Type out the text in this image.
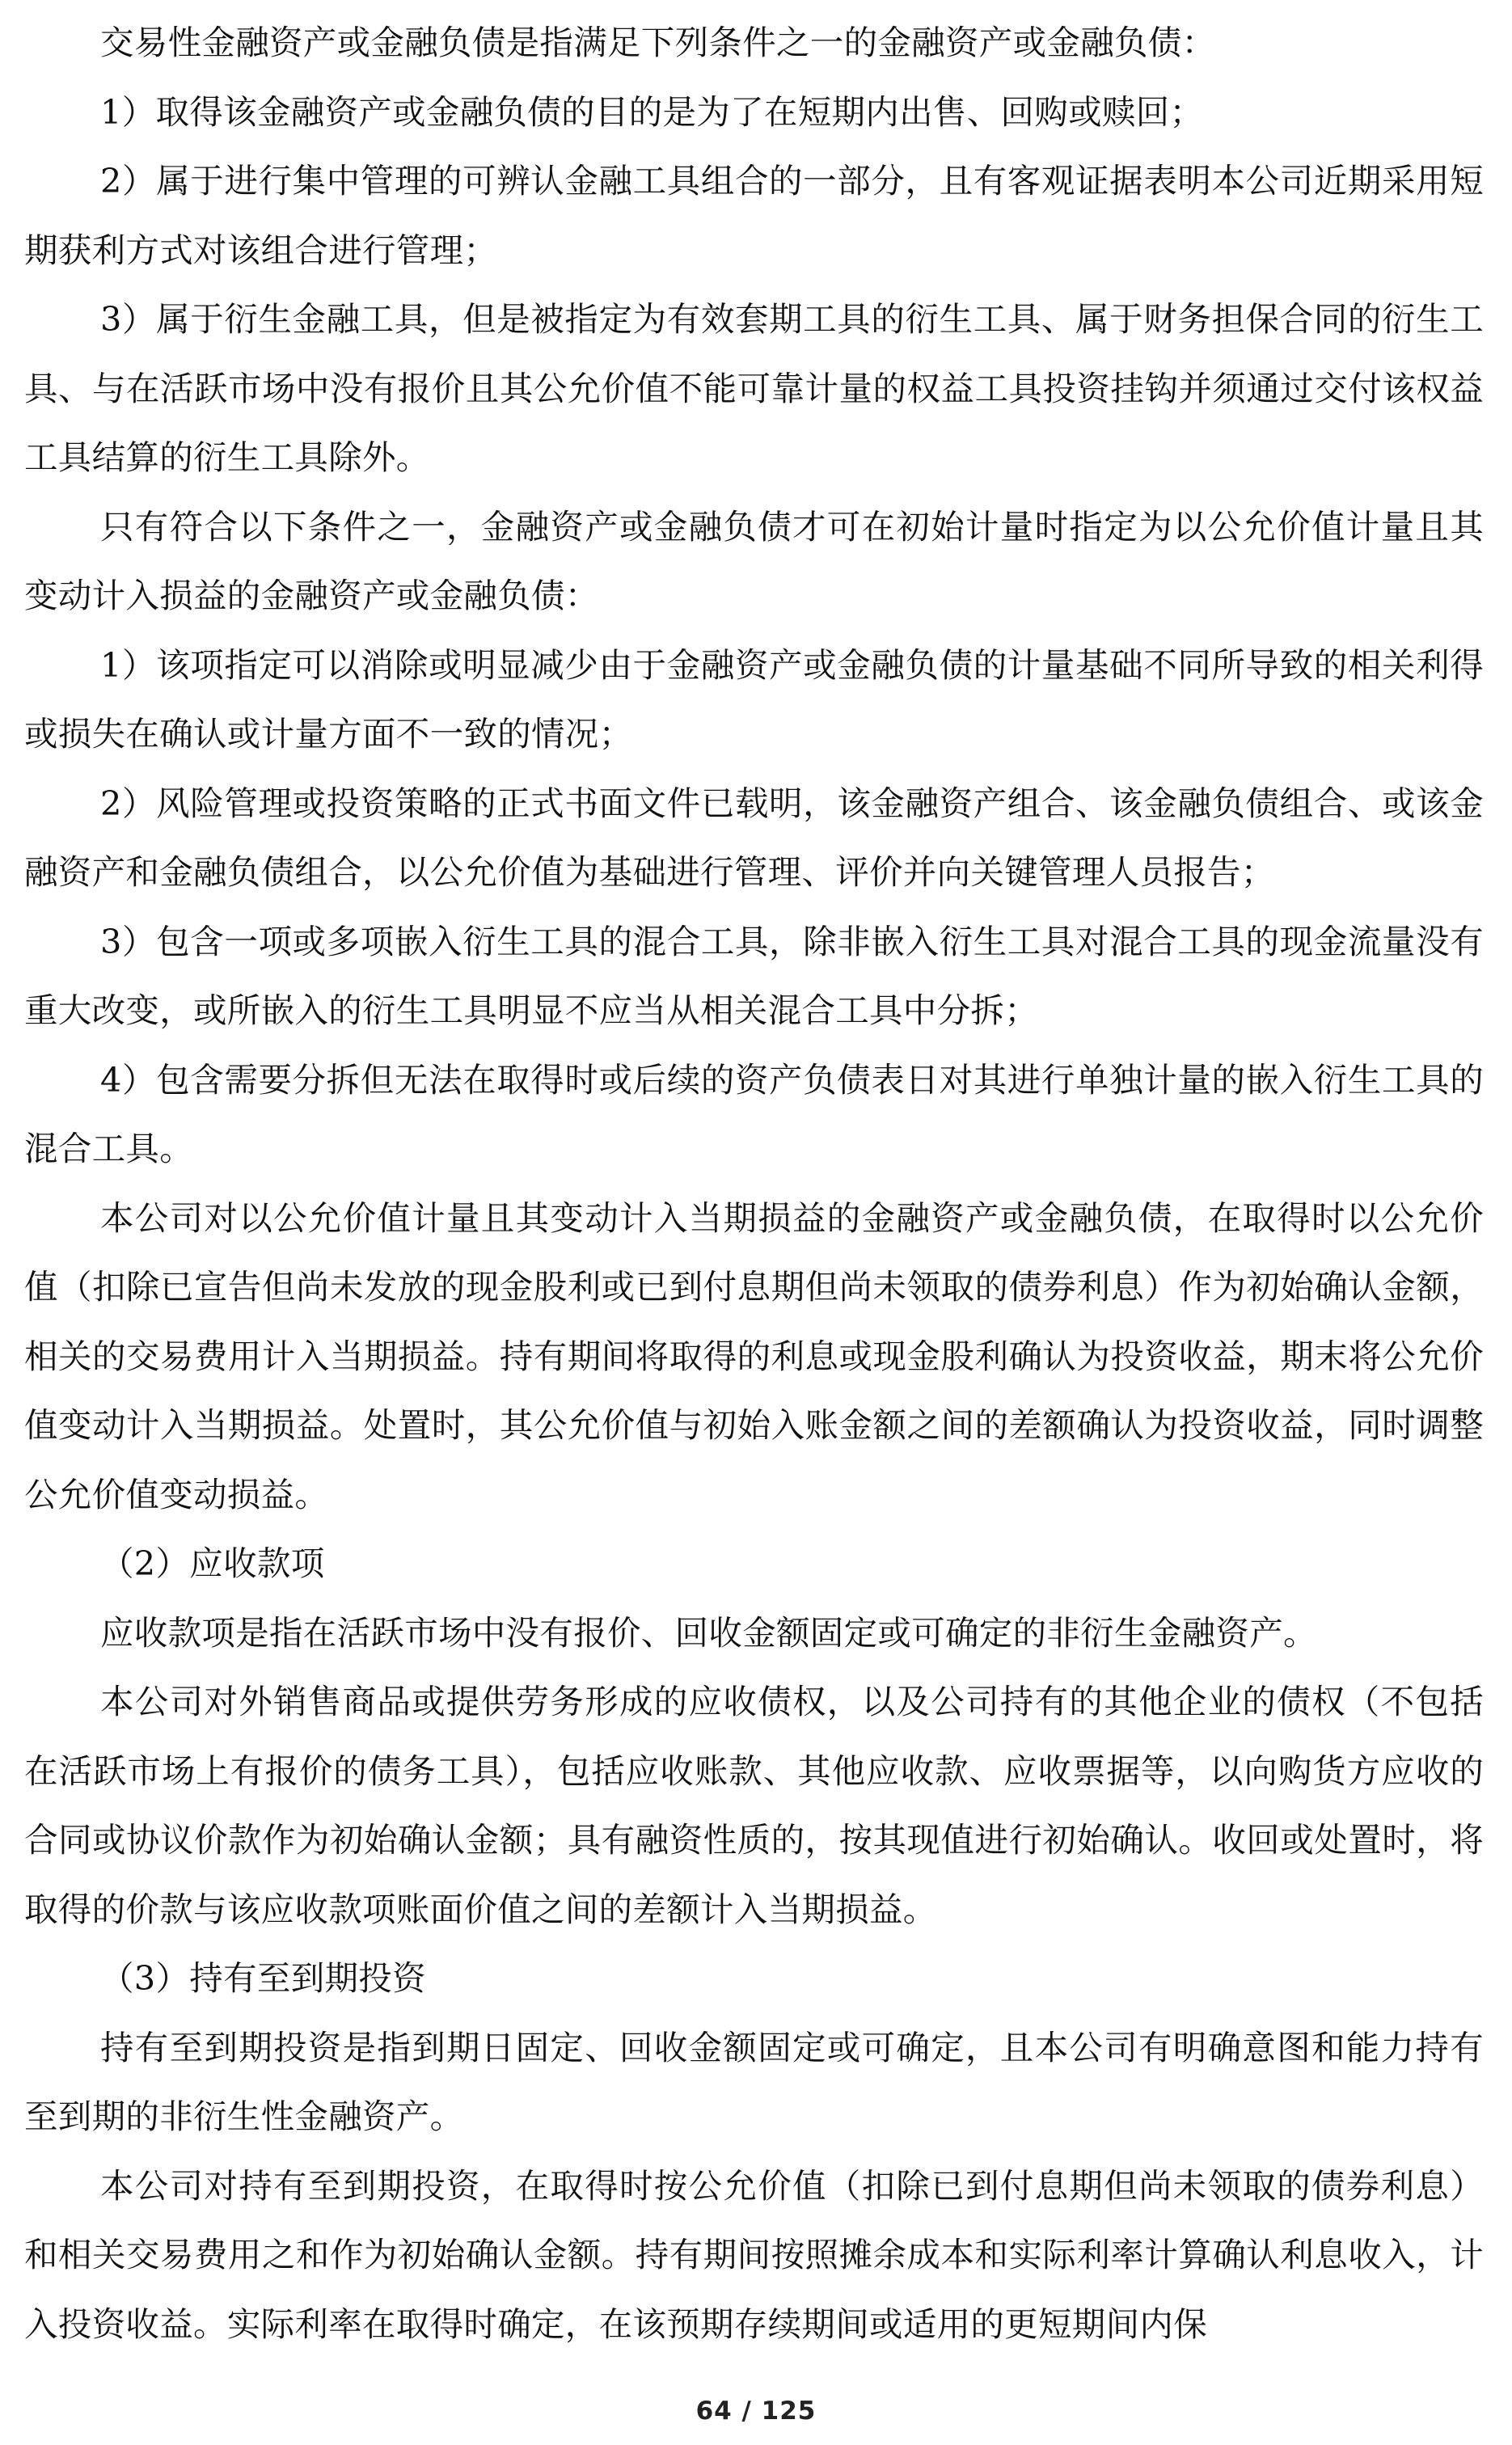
交易性金融资产或金融负债是指满足下列条件之一的金融资产或金融负债：

1）取得该金融资产或金融负债的目的是为了在短期内出售、回购或赎回；

2）属于进行集中管理的可辨认金融工具组合的一部分，且有客观证据表明本公司近期采用短期获利方式对该组合进行管理；

3）属于衍生金融工具，但是被指定为有效套期工具的衍生工具、属于财务担保合同的衍生工具、与在活跃市场中没有报价且其公允价值不能可靠计量的权益工具投资挂钩并须通过交付该权益工具结算的衍生工具除外。

只有符合以下条件之一，金融资产或金融负债才可在初始计量时指定为以公允价值计量且其变动计入损益的金融资产或金融负债：

1）该项指定可以消除或明显减少由于金融资产或金融负债的计量基础不同所导致的相关利得或损失在确认或计量方面不一致的情况；

2）风险管理或投资策略的正式书面文件已载明，该金融资产组合、该金融负债组合、或该金融资产和金融负债组合，以公允价值为基础进行管理、评价并向关键管理人员报告；

3）包含一项或多项嵌入衍生工具的混合工具，除非嵌入衍生工具对混合工具的现金流量没有重大改变，或所嵌入的衍生工具明显不应当从相关混合工具中分拆；

4）包含需要分拆但无法在取得时或后续的资产负债表日对其进行单独计量的嵌入衍生工具的混合工具。

本公司对以公允价值计量且其变动计入当期损益的金融资产或金融负债，在取得时以公允价值（扣除已宣告但尚未发放的现金股利或已到付息期但尚未领取的债券利息）作为初始确认金额，相关的交易费用计入当期损益。持有期间将取得的利息或现金股利确认为投资收益，期末将公允价值变动计入当期损益。处置时，其公允价值与初始入账金额之间的差额确认为投资收益，同时调整公允价值变动损益。

（2）应收款项

应收款项是指在活跃市场中没有报价、回收金额固定或可确定的非衍生金融资产。

本公司对外销售商品或提供劳务形成的应收债权，以及公司持有的其他企业的债权（不包括在活跃市场上有报价的债务工具），包括应收账款、其他应收款、应收票据等，以向购货方应收的合同或协议价款作为初始确认金额；具有融资性质的，按其现值进行初始确认。收回或处置时，将取得的价款与该应收款项账面价值之间的差额计入当期损益。

（3）持有至到期投资

持有至到期投资是指到期日固定、回收金额固定或可确定，且本公司有明确意图和能力持有至到期的非衍生性金融资产。

本公司对持有至到期投资，在取得时按公允价值（扣除已到付息期但尚未领取的债券利息）和相关交易费用之和作为初始确认金额。持有期间按照摊余成本和实际利率计算确认利息收入，计入投资收益。实际利率在取得时确定，在该预期存续期间或适用的更短期间内保

64 / 125
